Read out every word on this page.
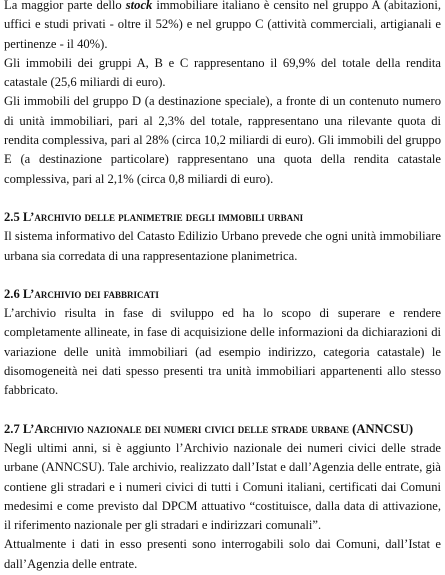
La maggior parte dello stock immobiliare italiano è censito nel gruppo A (abitazioni, uffici e studi privati - oltre il 52%) e nel gruppo C (attività commerciali, artigianali e pertinenze - il 40%).

Gli immobili dei gruppi A, B e C rappresentano il 69,9% del totale della rendita catastale (25,6 miliardi di euro).

Gli immobili del gruppo D (a destinazione speciale), a fronte di un contenuto numero di unità immobiliari, pari al 2,3% del totale, rappresentano una rilevante quota di rendita complessiva, pari al 28% (circa 10,2 miliardi di euro). Gli immobili del gruppo E (a destinazione particolare) rappresentano una quota della rendita catastale complessiva, pari al 2,1% (circa 0,8 miliardi di euro).

2.5 L’archivio delle planimetrie degli immobili urbani

Il sistema informativo del Catasto Edilizio Urbano prevede che ogni unità immobiliare urbana sia corredata di una rappresentazione planimetrica.

2.6 L’archivio dei fabbricati

L’archivio risulta in fase di sviluppo ed ha lo scopo di superare e rendere completamente allineate, in fase di acquisizione delle informazioni da dichiarazioni di variazione delle unità immobiliari (ad esempio indirizzo, categoria catastale) le disomogeneità nei dati spesso presenti tra unità immobiliari appartenenti allo stesso fabbricato.

2.7 L’Archivio nazionale dei numeri civici delle strade urbane (ANNCSU)

Negli ultimi anni, si è aggiunto l’Archivio nazionale dei numeri civici delle strade urbane (ANNCSU). Tale archivio, realizzato dall’Istat e dall’Agenzia delle entrate, già contiene gli stradari e i numeri civici di tutti i Comuni italiani, certificati dai Comuni medesimi e come previsto dal DPCM attuativo “costituisce, dalla data di attivazione, il riferimento nazionale per gli stradari e indirizzari comunali”.

Attualmente i dati in esso presenti sono interrogabili solo dai Comuni, dall’Istat e dall’Agenzia delle entrate.
